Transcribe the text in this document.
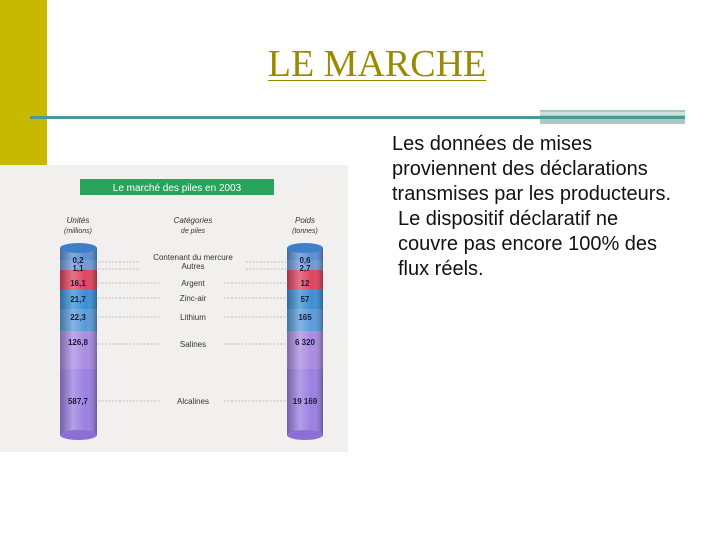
LE MARCHE

Les données de mises proviennent des déclarations transmises par les producteurs.

Le dispositif déclaratif ne couvre pas encore 100% des flux réels.

Le marché des piles en 2003
Unités
(millions)
Catégories
de piles
Poids
(tonnes)
Contenant du mercure
Autres
Argent
Zinc-air
Lithium
Salines
Alcalines
0,2
1,1
16,1
21,7
22,3
126,8
587,7
0,6
2,7
12
57
165
6 320
19 169
